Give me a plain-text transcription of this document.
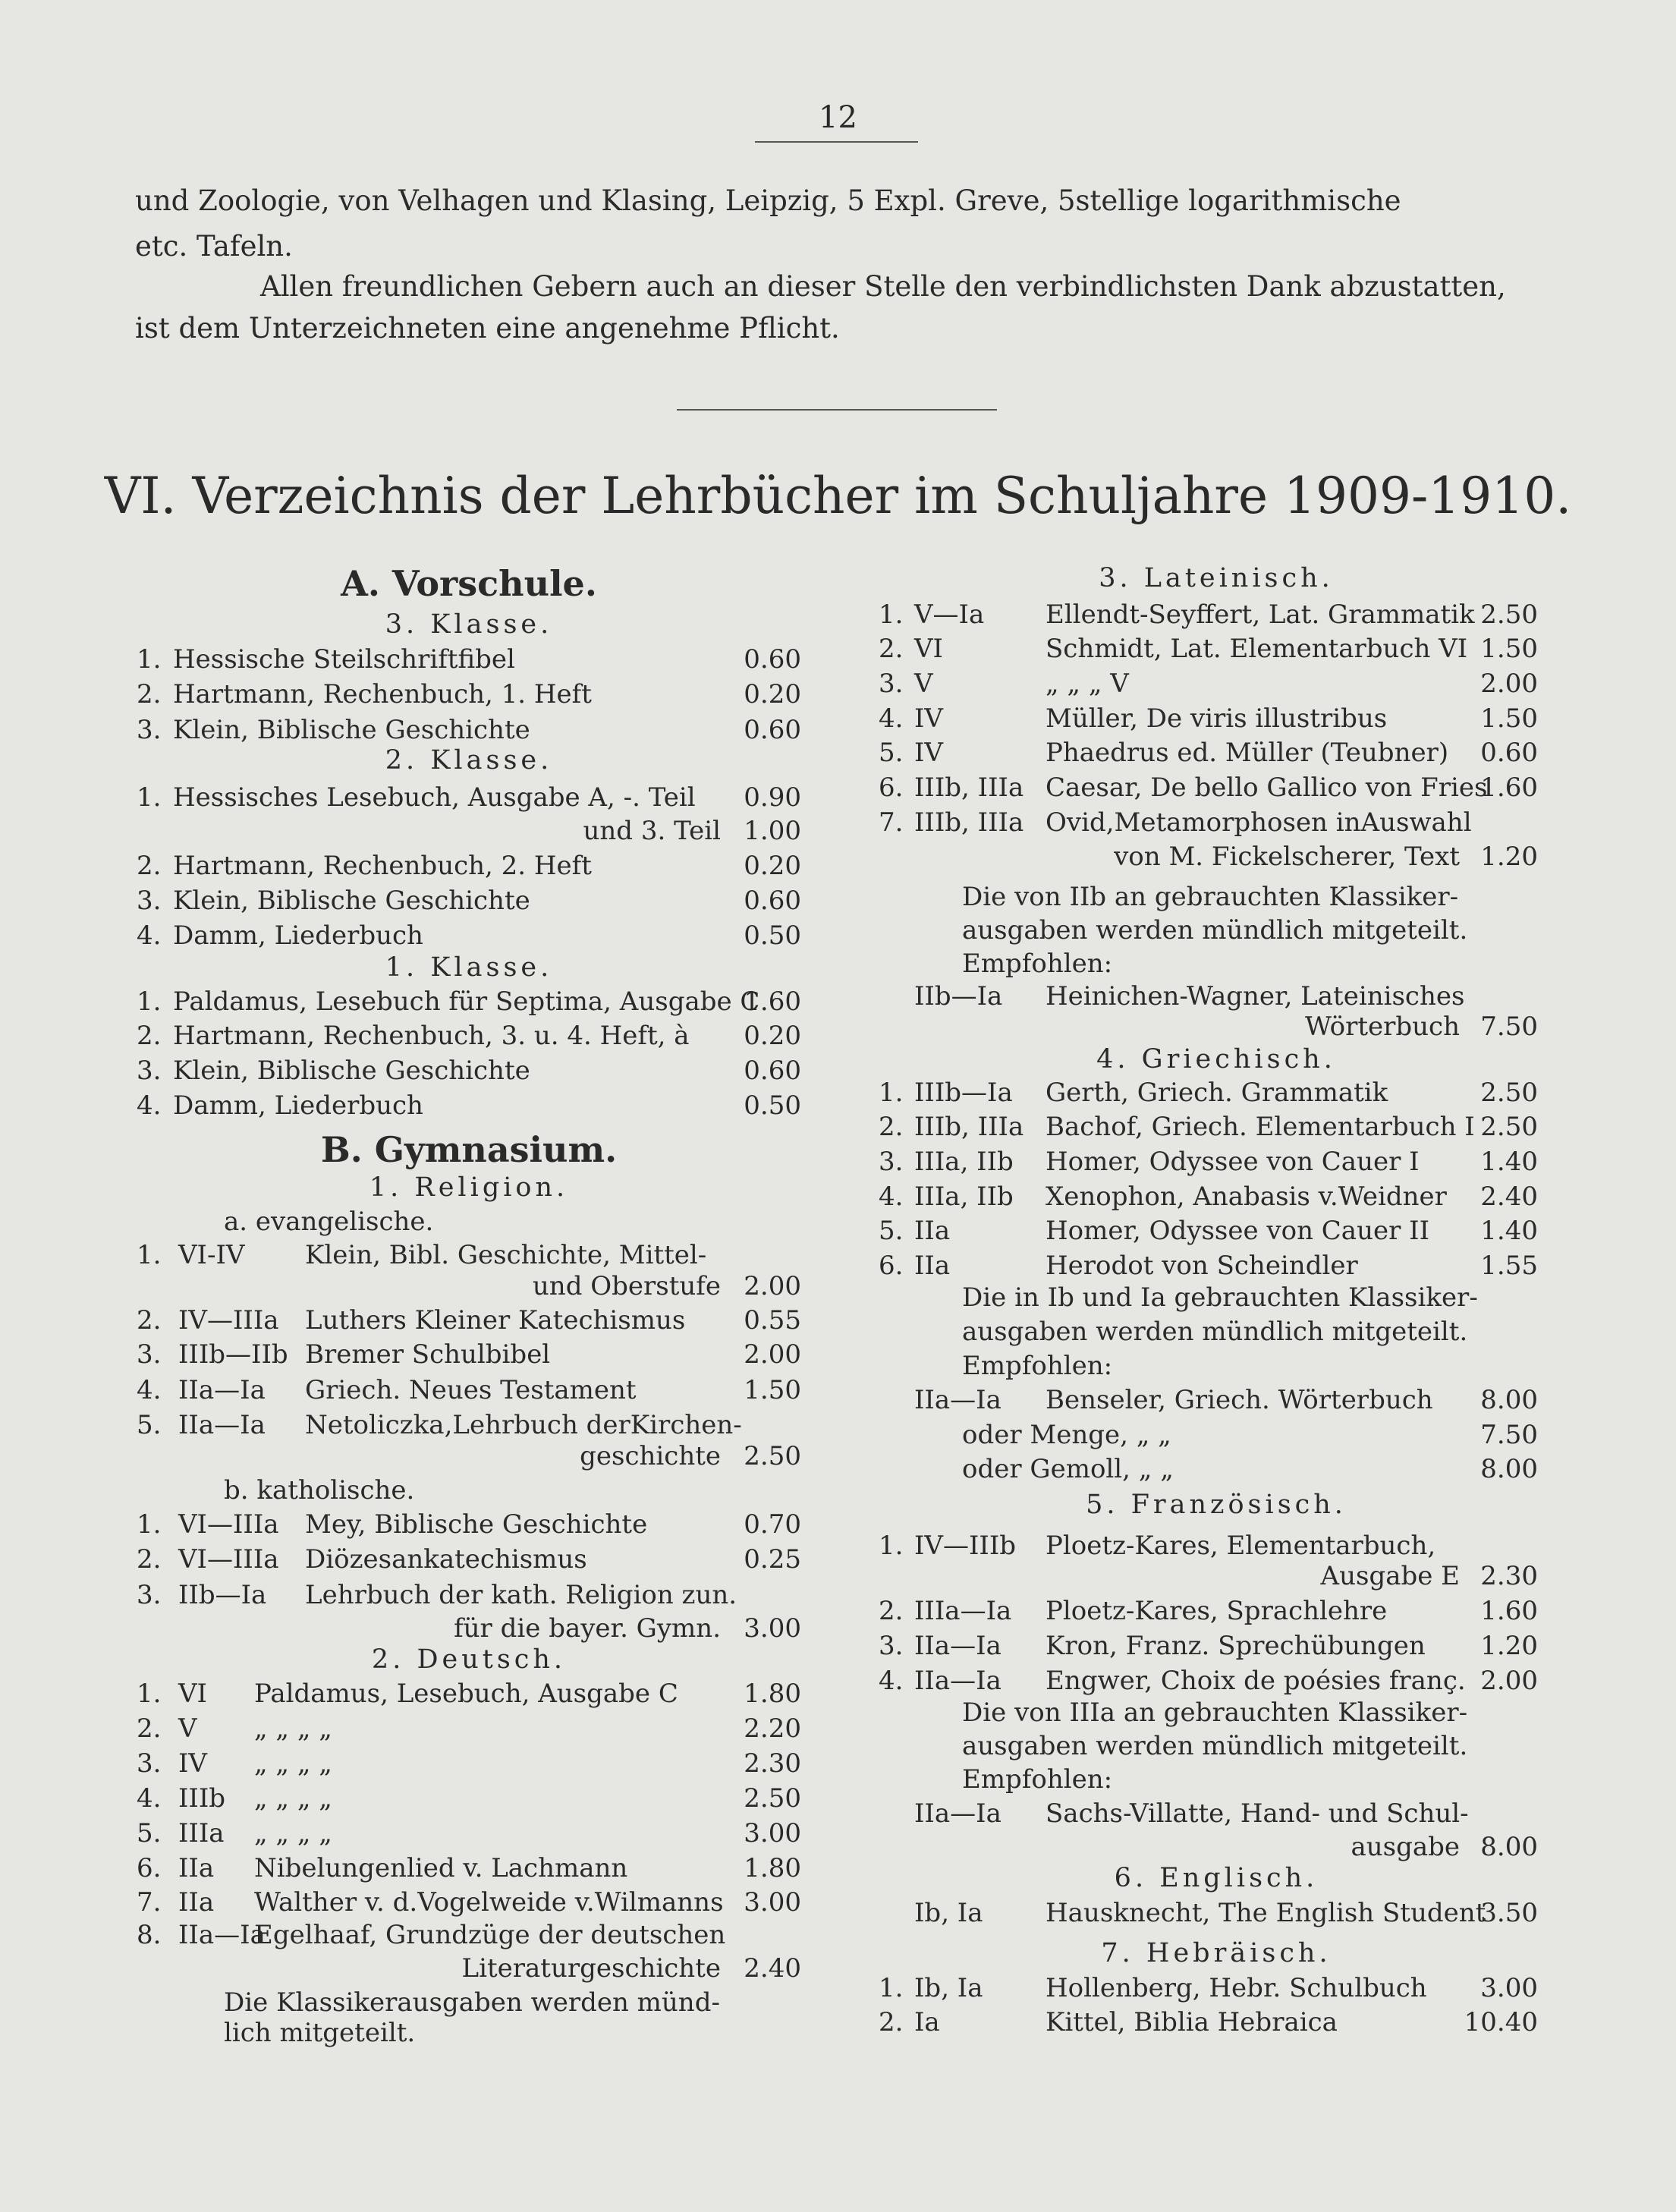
12
und Zoologie, von Velhagen und Klasing, Leipzig, 5 Expl. Greve, 5stellige logarithmische
etc. Tafeln.
Allen freundlichen Gebern auch an dieser Stelle den verbindlichsten Dank abzustatten,
ist dem Unterzeichneten eine angenehme Pflicht.
VI. Verzeichnis der Lehrbücher im Schuljahre 1909-1910.
A. Vorschule.
3. Klasse.
1. Hessische Steilschriftfibel	0.60
2. Hartmann, Rechenbuch, 1. Heft	0.20
3. Klein, Biblische Geschichte	0.60
2. Klasse.
1. Hessisches Lesebuch, Ausgabe A, -. Teil 0.90
und 3. Teil 1.00
2. Hartmann, Rechenbuch, 2. Heft	0.20
3. Klein, Biblische Geschichte	0.60
4. Damm, Liederbuch	0.50
1. Klasse.
1. Paldamus, Lesebuch für Septima, Ausgabe C
1.60
2. Hartmann, Rechenbuch, 3. u. 4. Heft, à 0.20
3. Klein, Biblische Geschichte	0.60
4. Damm, Liederbuch	0.50
B. Gymnasium.
1. Religion.
a. evangelische.
1. VI-IV Klein, Bibl. Geschichte, Mittel-
und Oberstufe 2.00
2. IV—IIIa Luthers Kleiner Katechismus 0.55
3. IIIb—IIb Bremer Schulbibel	2.00
4. IIa—Ia Griech. Neues Testament	1.50
5. IIa—Ia Netoliczka,Lehrbuch derKirchen-
geschichte 2.50
b. katholische.
1. VI—IIIa Mey, Biblische Geschichte	0.70
2. VI—IIIa Diözesankatechismus	0.25
3. IIb—Ia Lehrbuch der kath. Religion zun.
für die bayer. Gymn. 3.00
2. Deutsch.
1. VI Paldamus, Lesebuch, Ausgabe C	1.80
2. V „ „ „ „	2.20
3. IV „ „ „ „	2.30
4. IIIb „ „ „ „	2.50
5. IIIa „ „ „ „	3.00
6. IIa Nibelungenlied v. Lachmann	1.80
7. IIa Walther v. d.Vogelweide v.Wilmanns 3.00
8. IIa—Ia
Egelhaaf, Grundzüge der deutschen
Literaturgeschichte 2.40
Die Klassikerausgaben werden münd-
lich mitgeteilt.
3. Lateinisch.
1. V—Ia Ellendt-Seyffert, Lat. Grammatik 2.50
2. VI	Schmidt, Lat. Elementarbuch VI 1.50
3. V	„ „ „ V	2.00
4. IV	Müller, De viris illustribus	1.50
5. IV	Phaedrus ed. Müller (Teubner) 0.60
6. IIIb, IIIa Caesar, De bello Gallico von Fries
1.60
7. IIIb, IIIa Ovid,Metamorphosen inAuswahl
von M. Fickelscherer, Text 1.20
Die von IIb an gebrauchten Klassiker-
ausgaben werden mündlich mitgeteilt.
Empfohlen:
IIb—Ia Heinichen-Wagner, Lateinisches
Wörterbuch 7.50
4. Griechisch.
1. IIIb—Ia Gerth, Griech. Grammatik	2.50
2. IIIb, IIIa Bachof, Griech. Elementarbuch I 2.50
3. IIIa, IIb Homer, Odyssee von Cauer I 1.40
4. IIIa, IIb Xenophon, Anabasis v.Weidner 2.40
5. IIa	Homer, Odyssee von Cauer II 1.40
6. IIa	Herodot von Scheindler	1.55
Die in Ib und Ia gebrauchten Klassiker-
ausgaben werden mündlich mitgeteilt.
Empfohlen:
IIa—Ia Benseler, Griech. Wörterbuch 8.00
oder Menge, „ „	7.50
oder Gemoll, „ „	8.00
5. Französisch.
1. IV—IIIb Ploetz-Kares, Elementarbuch,
Ausgabe E 2.30
2. IIIa—Ia Ploetz-Kares, Sprachlehre	1.60
3. IIa—Ia Kron, Franz. Sprechübungen 1.20
4. IIa—Ia Engwer, Choix de poésies franç. 2.00
Die von IIIa an gebrauchten Klassiker-
ausgaben werden mündlich mitgeteilt.
Empfohlen:
IIa—Ia Sachs-Villatte, Hand- und Schul-
ausgabe 8.00
6. Englisch.
Ib, Ia Hausknecht, The English Student
3.50
7. Hebräisch.
1. Ib, Ia Hollenberg, Hebr. Schulbuch 3.00
2. Ia	Kittel, Biblia Hebraica	10.40
